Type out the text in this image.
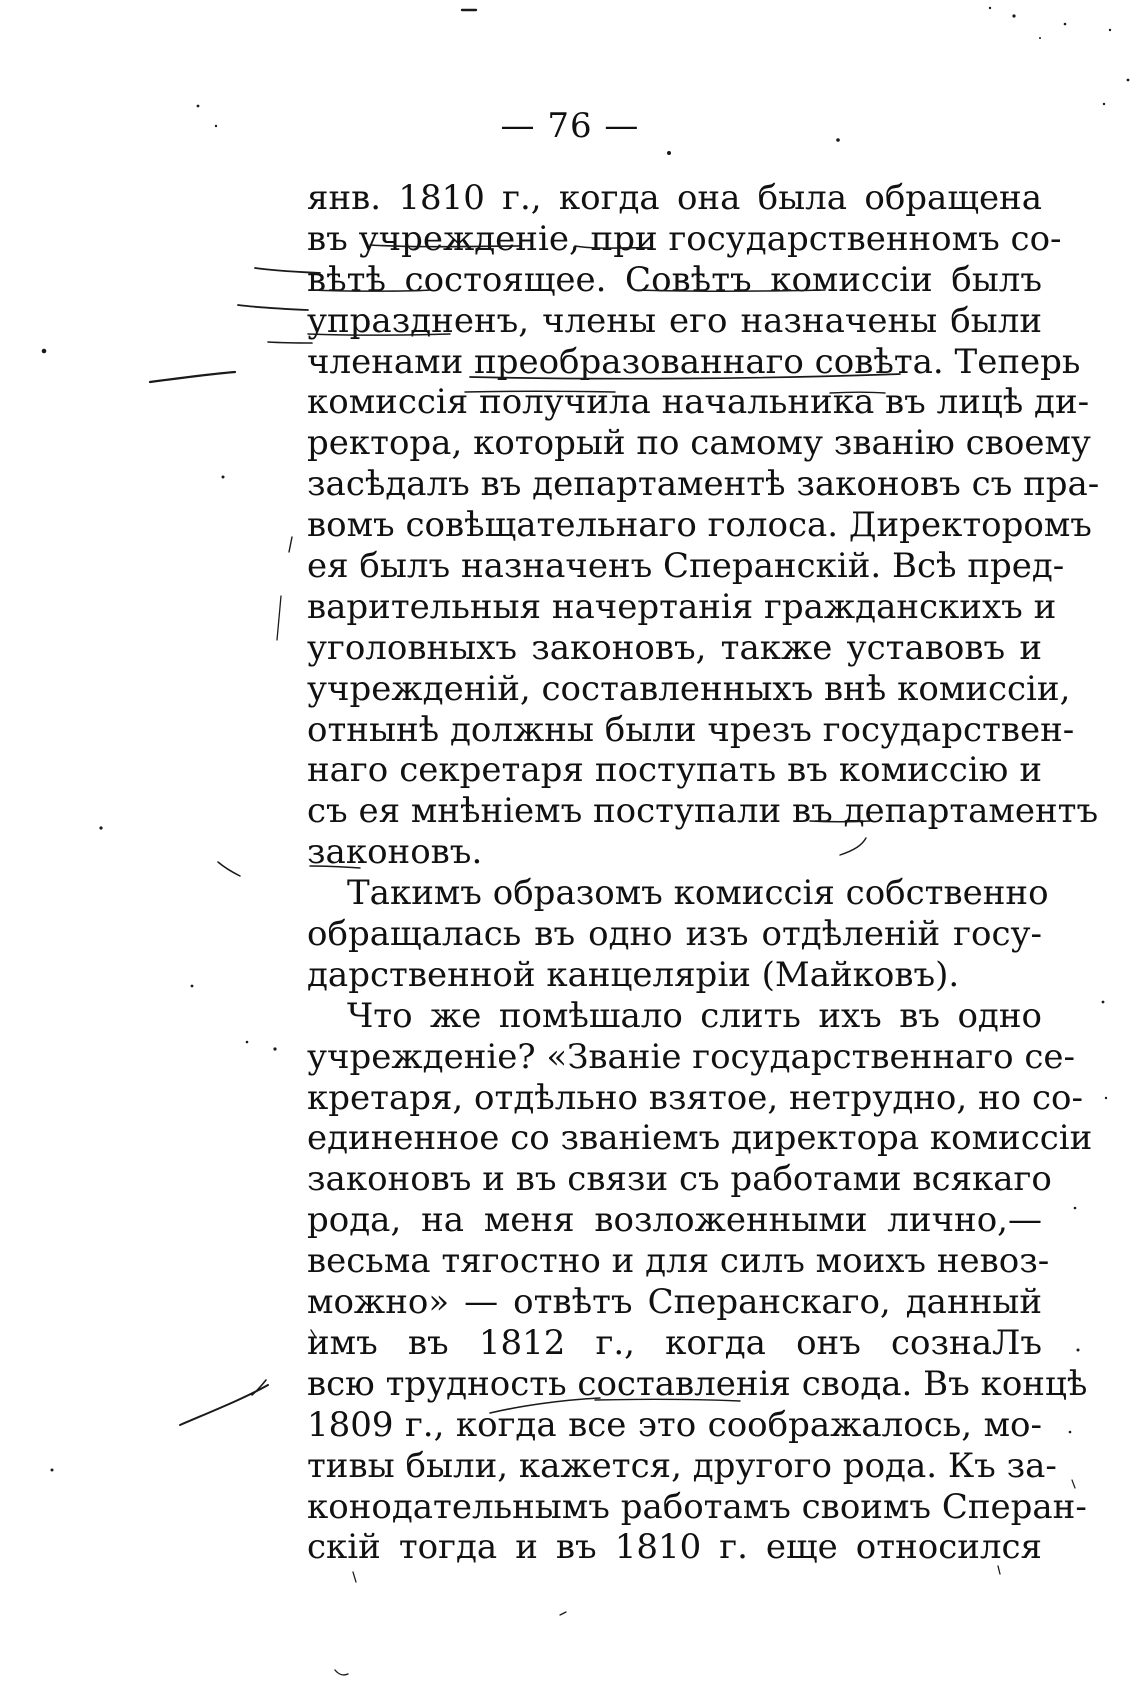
— 76 —
янв. 1810 г., когда она была обращена
въ учрежденіе, при государственномъ со-
вѣтѣ состоящее. Совѣтъ комиссіи былъ
упраздненъ, члены его назначены были
членами преобразованнаго совѣта. Теперь
комиссія получила начальника въ лицѣ ди-
ректора, который по самому званію своему
засѣдалъ въ департаментѣ законовъ съ пра-
вомъ совѣщательнаго голоса. Директоромъ
ея былъ назначенъ Сперанскій. Всѣ пред-
варительныя начертанія гражданскихъ и
уголовныхъ законовъ, также уставовъ и
учрежденій, составленныхъ внѣ комиссіи,
отнынѣ должны были чрезъ государствен-
наго секретаря поступать въ комиссію и
съ ея мнѣніемъ поступали въ департаментъ
законовъ.
Такимъ образомъ комиссія собственно
обращалась въ одно изъ отдѣленій госу-
дарственной канцеляріи (Майковъ).
Что же помѣшало слить ихъ въ одно
учрежденіе? «Званіе государственнаго се-
кретаря, отдѣльно взятое, нетрудно, но со-
единенное со званіемъ директора комиссіи
законовъ и въ связи съ работами всякаго
рода, на меня возложенными лично,—
весьма тягостно и для силъ моихъ невоз-
можно» — отвѣтъ Сперанскаго, данный
имъ въ 1812 г., когда онъ сознаЛъ
всю трудность составленія свода. Въ концѣ
1809 г., когда все это соображалось, мо-
тивы были, кажется, другого рода. Къ за-
конодательнымъ работамъ своимъ Сперан-
скій тогда и въ 1810 г. еще относился
